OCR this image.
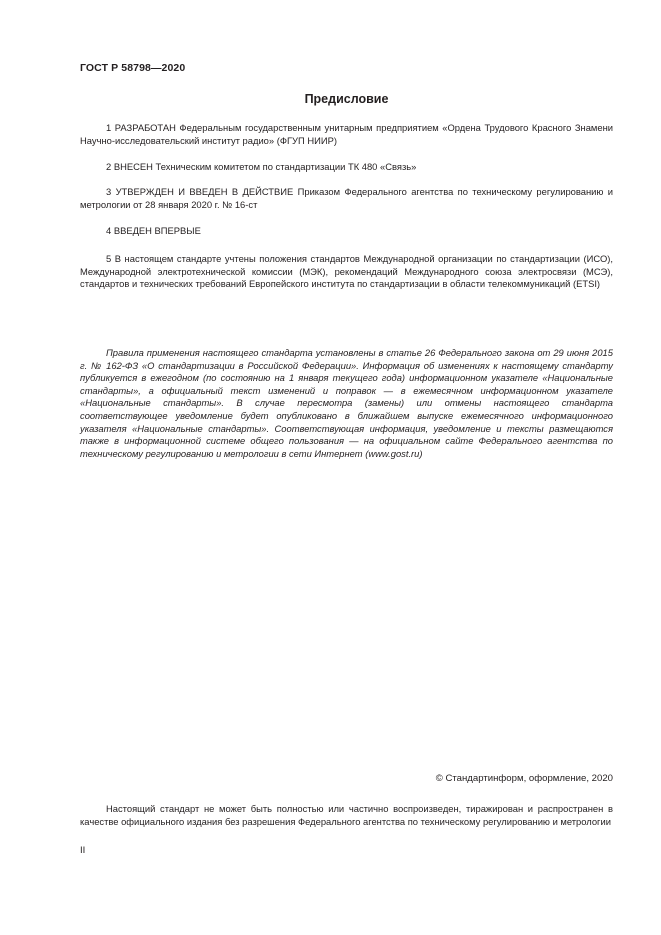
ГОСТ Р 58798—2020
Предисловие

1 РАЗРАБОТАН Федеральным государственным унитарным предприятием «Ордена Трудового Красного Знамени Научно-исследовательский институт радио» (ФГУП НИИР)

2 ВНЕСЕН Техническим комитетом по стандартизации ТК 480 «Связь»

3 УТВЕРЖДЕН И ВВЕДЕН В ДЕЙСТВИЕ Приказом Федерального агентства по техническому регулированию и метрологии от 28 января 2020 г. № 16-ст

4 ВВЕДЕН ВПЕРВЫЕ

5 В настоящем стандарте учтены положения стандартов Международной организации по стандартизации (ИСО), Международной электротехнической комиссии (МЭК), рекомендаций Международного союза электросвязи (МСЭ), стандартов и технических требований Европейского института по стандартизации в области телекоммуникаций (ETSI)

Правила применения настоящего стандарта установлены в статье 26 Федерального закона от 29 июня 2015 г. № 162-ФЗ «О стандартизации в Российской Федерации». Информация об изменениях к настоящему стандарту публикуется в ежегодном (по состоянию на 1 января текущего года) информационном указателе «Национальные стандарты», а официальный текст изменений и поправок — в ежемесячном информационном указателе «Национальные стандарты». В случае пересмотра (замены) или отмены настоящего стандарта соответствующее уведомление будет опубликовано в ближайшем выпуске ежемесячного информационного указателя «Национальные стандарты». Соответствующая информация, уведомление и тексты размещаются также в информационной системе общего пользования — на официальном сайте Федерального агентства по техническому регулированию и метрологии в сети Интернет (www.gost.ru)

© Стандартинформ, оформление, 2020

Настоящий стандарт не может быть полностью или частично воспроизведен, тиражирован и распространен в качестве официального издания без разрешения Федерального агентства по техническому регулированию и метрологии

II
